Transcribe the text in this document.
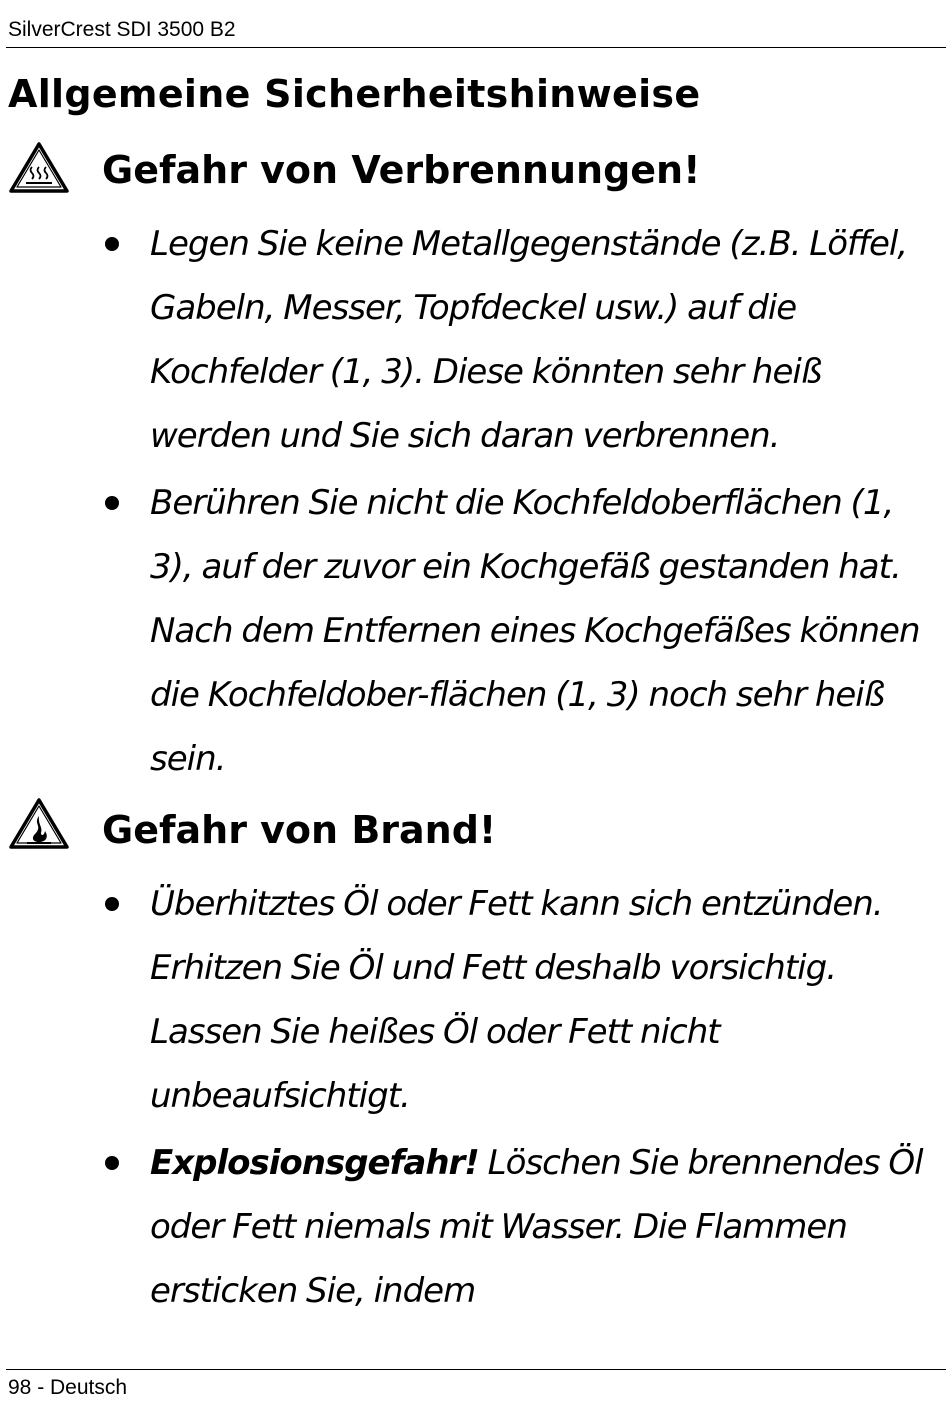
SilverCrest SDI 3500 B2
Allgemeine Sicherheitshinweise
Gefahr von Verbrennungen!
Legen Sie keine Metallgegenstände (z.B. Löffel, Gabeln, Messer, Topfdeckel usw.) auf die Kochfelder (1, 3). Diese könnten sehr heiß werden und Sie sich daran verbrennen.
Berühren Sie nicht die Kochfeldoberflächen (1, 3), auf der zuvor ein Kochgefäß gestanden hat. Nach dem Entfernen eines Kochgefäßes können die Kochfeldober-flächen (1, 3) noch sehr heiß sein.
Gefahr von Brand!
Überhitztes Öl oder Fett kann sich entzünden. Erhitzen Sie Öl und Fett deshalb vorsichtig. Lassen Sie heißes Öl oder Fett nicht unbeaufsichtigt.
Explosionsgefahr! Löschen Sie brennendes Öl oder Fett niemals mit Wasser. Die Flammen ersticken Sie, indem
98 - Deutsch
